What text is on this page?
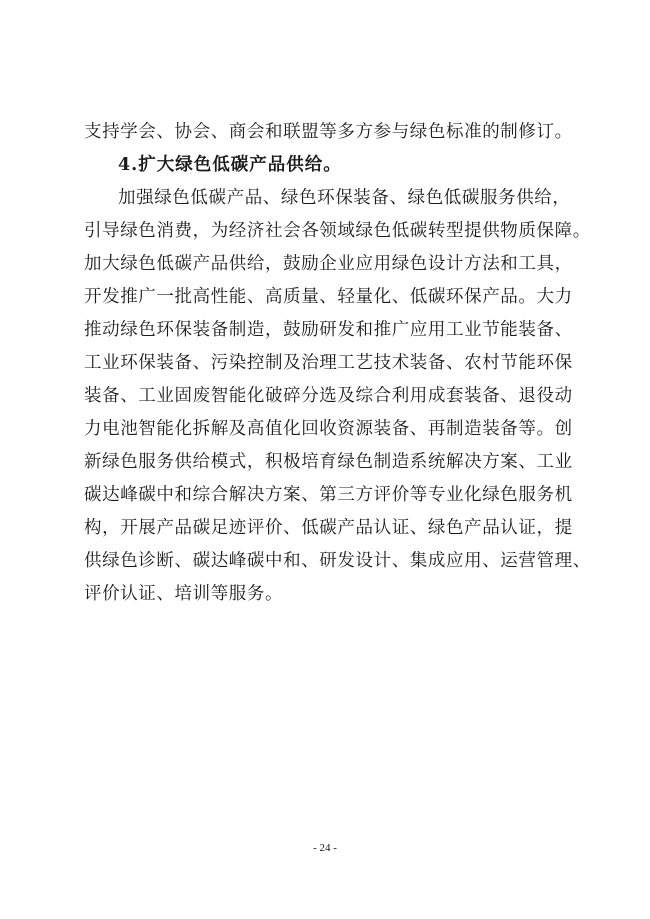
支持学会、协会、商会和联盟等多方参与绿色标准的制修订。
4.扩大绿色低碳产品供给。
加强绿色低碳产品、绿色环保装备、绿色低碳服务供给，
引导绿色消费，为经济社会各领域绿色低碳转型提供物质保障。
加大绿色低碳产品供给，鼓励企业应用绿色设计方法和工具，
开发推广一批高性能、高质量、轻量化、低碳环保产品。大力
推动绿色环保装备制造，鼓励研发和推广应用工业节能装备、
工业环保装备、污染控制及治理工艺技术装备、农村节能环保
装备、工业固废智能化破碎分选及综合利用成套装备、退役动
力电池智能化拆解及高值化回收资源装备、再制造装备等。创
新绿色服务供给模式，积极培育绿色制造系统解决方案、工业
碳达峰碳中和综合解决方案、第三方评价等专业化绿色服务机
构，开展产品碳足迹评价、低碳产品认证、绿色产品认证，提
供绿色诊断、碳达峰碳中和、研发设计、集成应用、运营管理、
评价认证、培训等服务。
- 24 -
